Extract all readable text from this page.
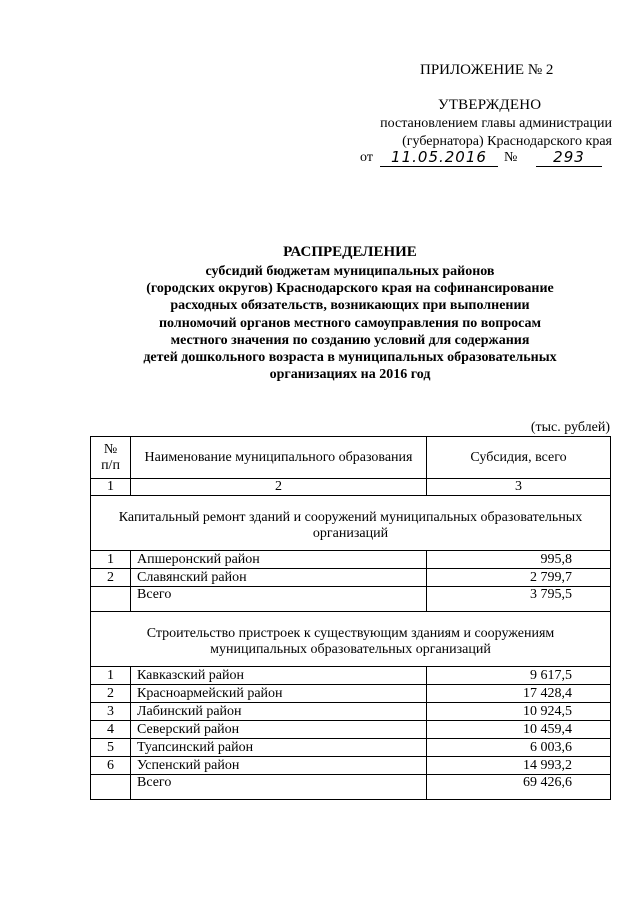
ПРИЛОЖЕНИЕ № 2
УТВЕРЖДЕНО
постановлением главы администрации
(губернатора) Краснодарского края
от	11.05.2016	№	293
РАСПРЕДЕЛЕНИЕ
субсидий бюджетам муниципальных районов
(городских округов) Краснодарского края на софинансирование
расходных обязательств, возникающих при выполнении
полномочий органов местного самоуправления по вопросам
местного значения по созданию условий для содержания
детей дошкольного возраста в муниципальных образовательных
организациях на 2016 год
(тыс. рублей)
№ п/п	Наименование муниципального образования	Субсидия, всего
1	2	3
Капитальный ремонт зданий и сооружений муниципальных образовательных организаций		
1	Апшеронский район	995,8
2	Славянский район	2 799,7
	Всего	3 795,5
Строительство пристроек к существующим зданиям и сооружениям муниципальных образовательных организаций		
1	Кавказский район	9 617,5
2	Красноармейский район	17 428,4
3	Лабинский район	10 924,5
4	Северский район	10 459,4
5	Туапсинский район	6 003,6
6	Успенский район	14 993,2
	Всего	69 426,6
